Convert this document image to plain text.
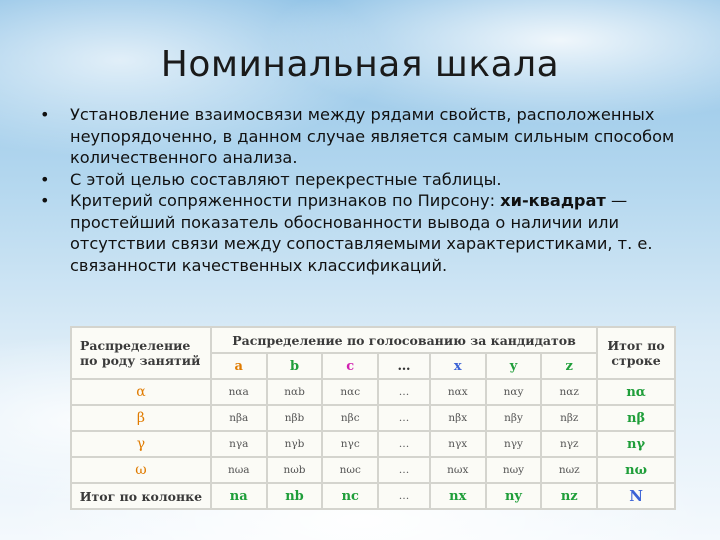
Номинальная шкала
• Установление взаимосвязи между рядами свойств, расположенных неупорядоченно, в данном случае является самым сильным способом количественного анализа.
• С этой целью составляют перекрестные таблицы.
• Критерий сопряженности признаков по Пирсону: хи-квадрат — простейший показатель обоснованности вывода о наличии или отсутствии связи между сопоставляемыми характеристиками, т. е. связанности качественных классификаций.
Распределение по роду занятий	Распределение по голосованию за кандидатов							Итог по строке
	a	b	c	…	x	y	z	
α	nαa	nαb	nαc	…	nαx	nαy	nαz	nα
β	nβa	nβb	nβc	…	nβx	nβy	nβz	nβ
γ	nγa	nγb	nγc	…	nγx	nγy	nγz	nγ
ω	nωa	nωb	nωc	…	nωx	nωy	nωz	nω
Итог по колонке	na	nb	nc	…	nx	ny	nz	N
